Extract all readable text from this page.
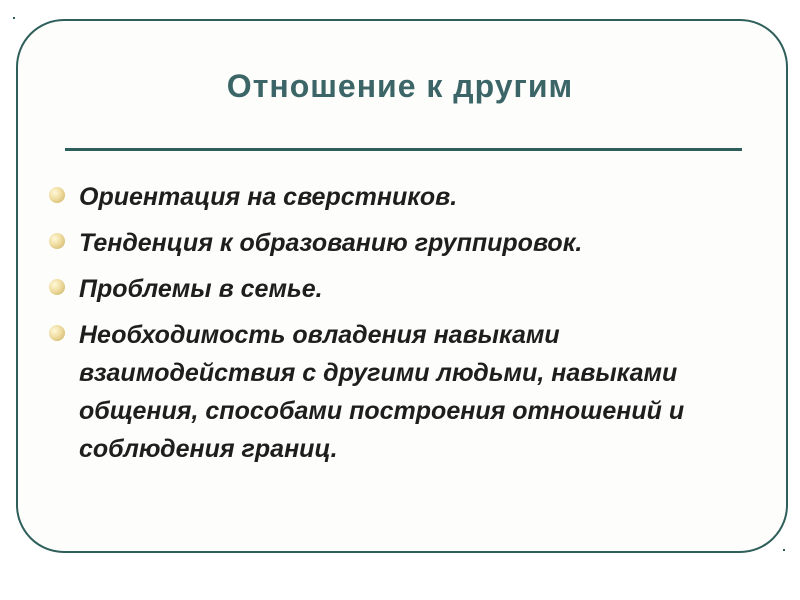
Отношение к другим
Ориентация на сверстников.
Тенденция к образованию группировок.
Проблемы в семье.
Необходимость овладения навыками взаимодействия с другими людьми, навыками общения, способами построения отношений и соблюдения границ.
